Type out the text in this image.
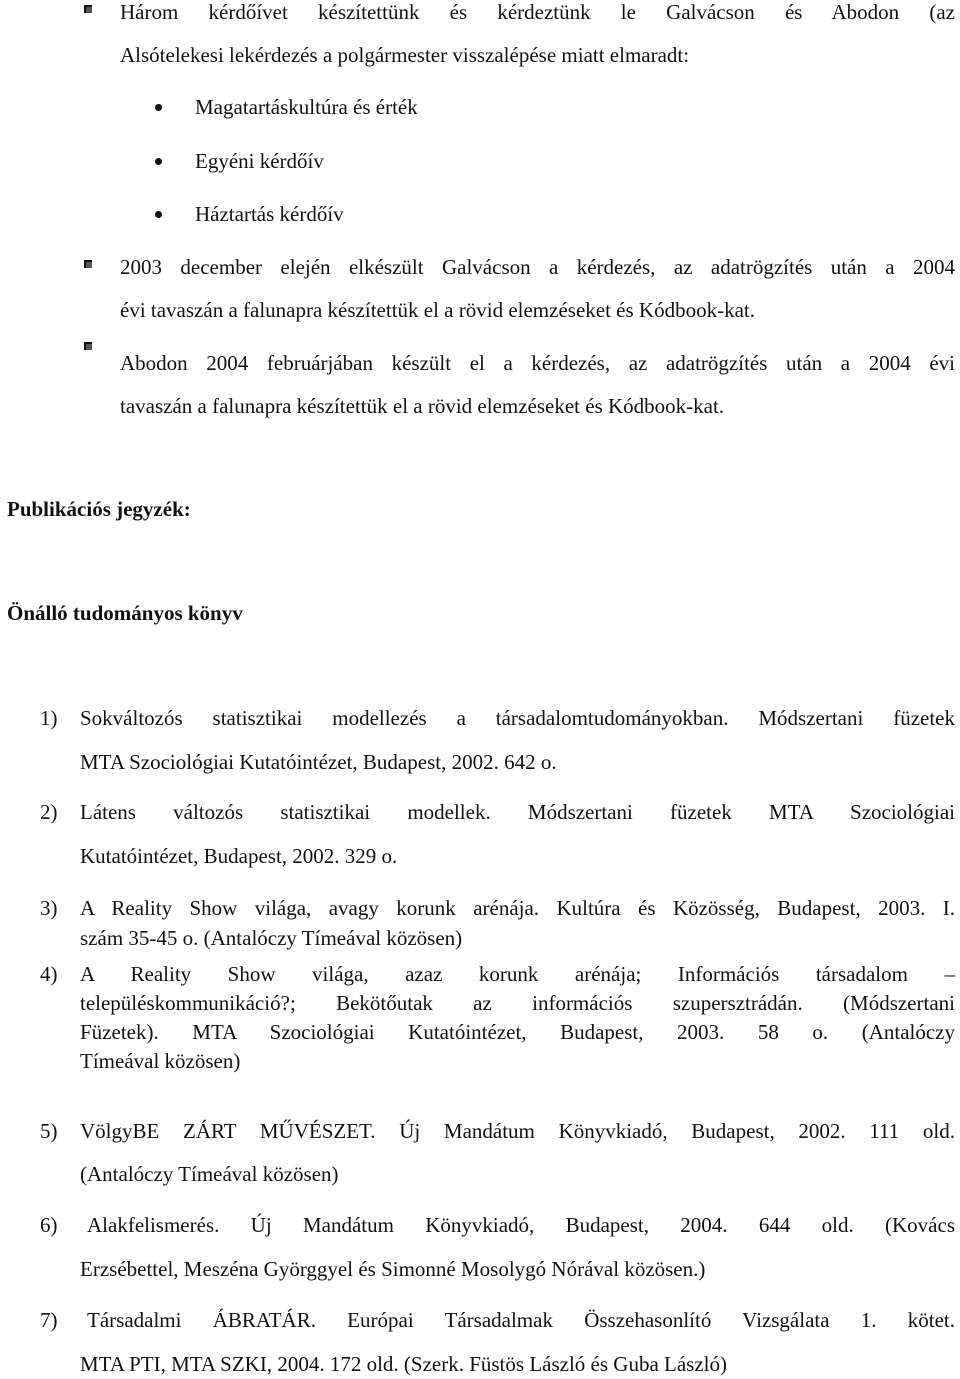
Három kérdőívet készítettünk és kérdeztünk le Galvácson és Abodon (az
Alsótelekesi lekérdezés a polgármester visszalépése miatt elmaradt:
Magatartáskultúra és érték
Egyéni kérdőív
Háztartás kérdőív
2003 december elején elkészült Galvácson a kérdezés, az adatrögzítés után a 2004
évi tavaszán a falunapra készítettük el a rövid elemzéseket és Kódbook-kat.
Abodon 2004 februárjában készült el a kérdezés, az adatrögzítés után a 2004 évi
tavaszán a falunapra készítettük el a rövid elemzéseket és Kódbook-kat.
Publikációs jegyzék:
Önálló tudományos könyv
1) Sokváltozós statisztikai modellezés a társadalomtudományokban. Módszertani füzetek
MTA Szociológiai Kutatóintézet, Budapest, 2002. 642 o.
2) Látens változós statisztikai modellek. Módszertani füzetek MTA Szociológiai
Kutatóintézet, Budapest, 2002. 329 o.
3) A Reality Show világa, avagy korunk arénája. Kultúra és Közösség, Budapest, 2003. I.
szám 35-45 o. (Antalóczy Tímeával közösen)
4) A Reality Show világa, azaz korunk arénája; Információs társadalom –
településkommunikáció?; Bekötőutak az információs szupersztrádán. (Módszertani
Füzetek). MTA Szociológiai Kutatóintézet, Budapest, 2003. 58 o. (Antalóczy
Tímeával közösen)
5) VölgyBE ZÁRT MŰVÉSZET. Új Mandátum Könyvkiadó, Budapest, 2002. 111 old.
(Antalóczy Tímeával közösen)
6) Alakfelismerés. Új Mandátum Könyvkiadó, Budapest, 2004. 644 old. (Kovács
Erzsébettel, Meszéna Györggyel és Simonné Mosolygó Nórával közösen.)
7) Társadalmi ÁBRATÁR. Európai Társadalmak Összehasonlító Vizsgálata 1. kötet.
MTA PTI, MTA SZKI, 2004. 172 old. (Szerk. Füstös László és Guba László)
